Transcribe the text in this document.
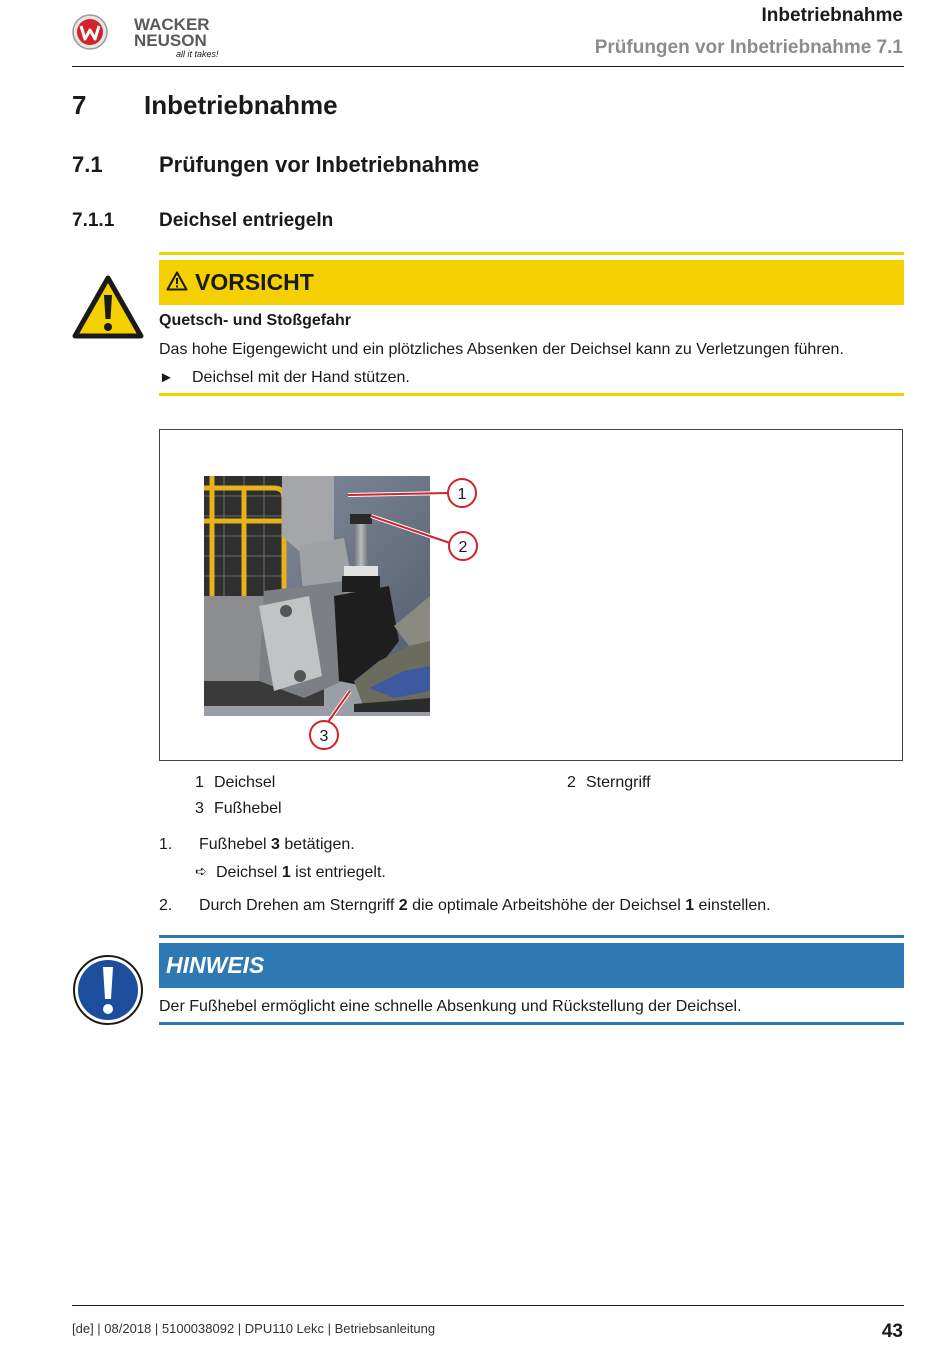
WACKER
NEUSON
all it takes!
Inbetriebnahme
Prüfungen vor Inbetriebnahme 7.1
7 Inbetriebnahme
7.1	Prüfungen vor Inbetriebnahme
7.1.1 Deichsel entriegeln
VORSICHT
Quetsch- und Stoßgefahr
Das hohe Eigengewicht und ein plötzliches Absenken der Deichsel kann zu Verletzungen führen.
► Deichsel mit der Hand stützen.
1
2
3
1 Deichsel	2 Sterngriff
3 Fußhebel
1. Fußhebel 3 betätigen.
➪ Deichsel 1 ist entriegelt.
2. Durch Drehen am Sterngriff 2 die optimale Arbeitshöhe der Deichsel 1 einstellen.
HINWEIS
Der Fußhebel ermöglicht eine schnelle Absenkung und Rückstellung der Deichsel.
[de] | 08/2018 | 5100038092 | DPU110 Lekc | Betriebsanleitung	43
